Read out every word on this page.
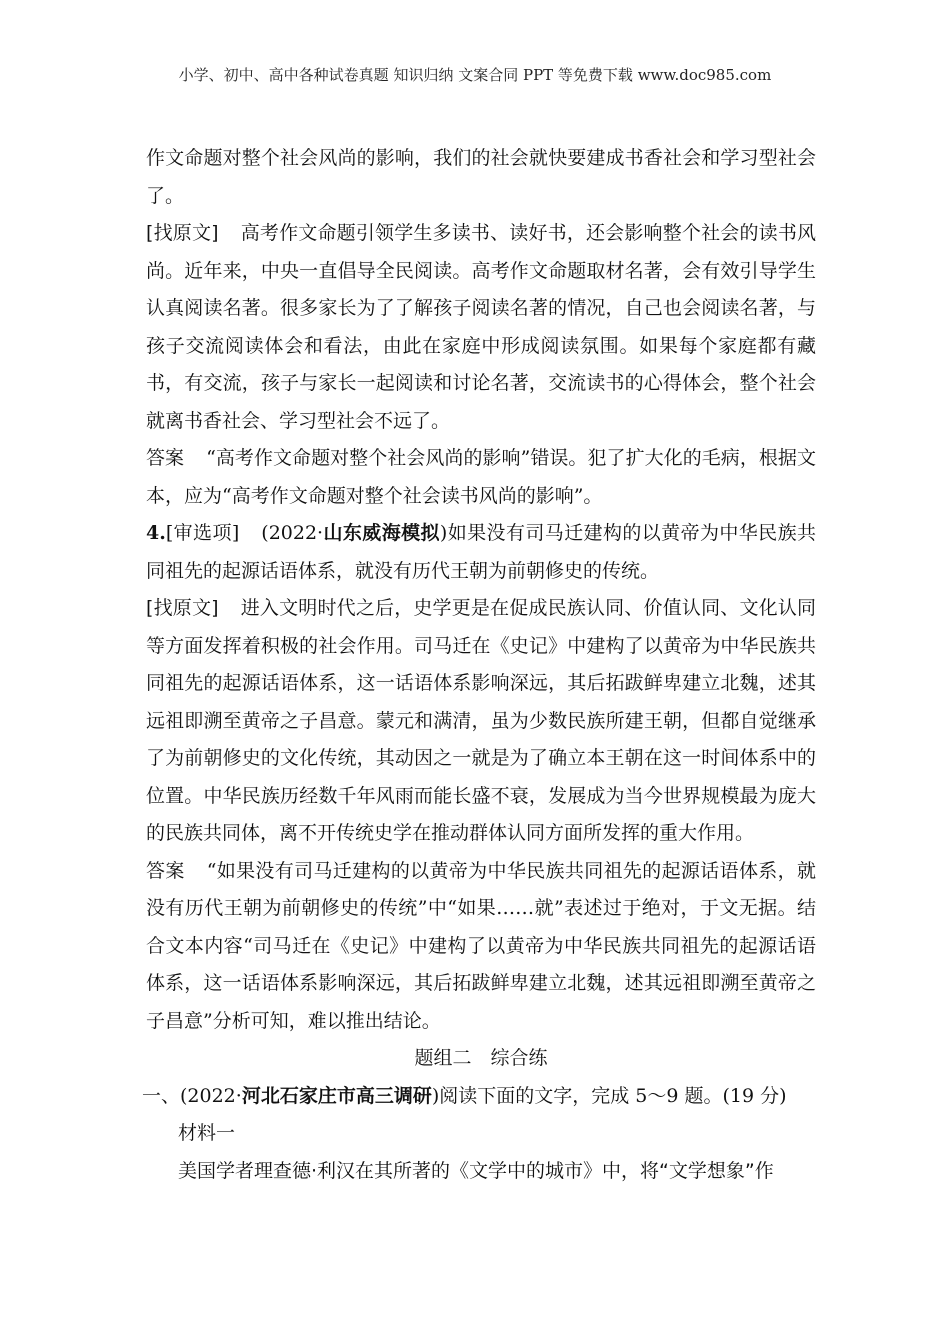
小学、初中、高中各种试卷真题 知识归纳 文案合同 PPT 等免费下载 www.doc985.com

作文命题对整个社会风尚的影响，我们的社会就快要建成书香社会和学习型社会了。

[找原文] 高考作文命题引领学生多读书、读好书，还会影响整个社会的读书风尚。近年来，中央一直倡导全民阅读。高考作文命题取材名著，会有效引导学生认真阅读名著。很多家长为了了解孩子阅读名著的情况，自己也会阅读名著，与孩子交流阅读体会和看法，由此在家庭中形成阅读氛围。如果每个家庭都有藏书，有交流，孩子与家长一起阅读和讨论名著，交流读书的心得体会，整个社会就离书香社会、学习型社会不远了。

答案 “高考作文命题对整个社会风尚的影响”错误。犯了扩大化的毛病，根据文本，应为“高考作文命题对整个社会读书风尚的影响”。

4.[审选项] (2022·山东威海模拟)如果没有司马迁建构的以黄帝为中华民族共同祖先的起源话语体系，就没有历代王朝为前朝修史的传统。

[找原文] 进入文明时代之后，史学更是在促成民族认同、价值认同、文化认同等方面发挥着积极的社会作用。司马迁在《史记》中建构了以黄帝为中华民族共同祖先的起源话语体系，这一话语体系影响深远，其后拓跋鲜卑建立北魏，述其远祖即溯至黄帝之子昌意。蒙元和满清，虽为少数民族所建王朝，但都自觉继承了为前朝修史的文化传统，其动因之一就是为了确立本王朝在这一时间体系中的位置。中华民族历经数千年风雨而能长盛不衰，发展成为当今世界规模最为庞大的民族共同体，离不开传统史学在推动群体认同方面所发挥的重大作用。

答案 “如果没有司马迁建构的以黄帝为中华民族共同祖先的起源话语体系，就没有历代王朝为前朝修史的传统”中“如果……就”表述过于绝对，于文无据。结合文本内容“司马迁在《史记》中建构了以黄帝为中华民族共同祖先的起源话语体系，这一话语体系影响深远，其后拓跋鲜卑建立北魏，述其远祖即溯至黄帝之子昌意”分析可知，难以推出结论。

题组二　综合练

一、(2022·河北石家庄市高三调研)阅读下面的文字，完成 5～9 题。(19 分)

材料一

美国学者理查德·利汉在其所著的《文学中的城市》中，将“文学想象”作
